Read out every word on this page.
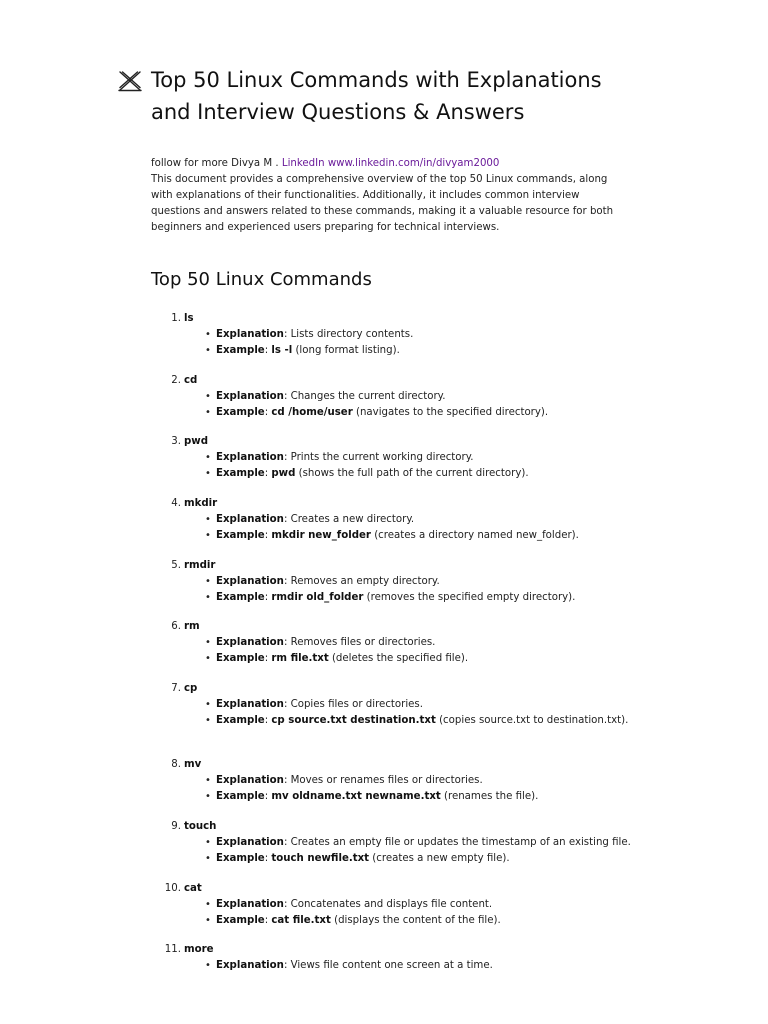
Top 50 Linux Commands with Explanations
and Interview Questions & Answers
follow for more Divya M . LinkedIn www.linkedin.com/in/divyam2000
This document provides a comprehensive overview of the top 50 Linux commands, along with explanations of their functionalities. Additionally, it includes common interview questions and answers related to these commands, making it a valuable resource for both beginners and experienced users preparing for technical interviews.
Top 50 Linux Commands
1. ls
• Explanation: Lists directory contents.
• Example: ls -l (long format listing).
2. cd
• Explanation: Changes the current directory.
• Example: cd /home/user (navigates to the specified directory).
3. pwd
• Explanation: Prints the current working directory.
• Example: pwd (shows the full path of the current directory).
4. mkdir
• Explanation: Creates a new directory.
• Example: mkdir new_folder (creates a directory named new_folder).
5. rmdir
• Explanation: Removes an empty directory.
• Example: rmdir old_folder (removes the specified empty directory).
6. rm
• Explanation: Removes files or directories.
• Example: rm file.txt (deletes the specified file).
7. cp
• Explanation: Copies files or directories.
• Example: cp source.txt destination.txt (copies source.txt to destination.txt).
8. mv
• Explanation: Moves or renames files or directories.
• Example: mv oldname.txt newname.txt (renames the file).
9. touch
• Explanation: Creates an empty file or updates the timestamp of an existing file.
• Example: touch newfile.txt (creates a new empty file).
10. cat
• Explanation: Concatenates and displays file content.
• Example: cat file.txt (displays the content of the file).
11. more
• Explanation: Views file content one screen at a time.
